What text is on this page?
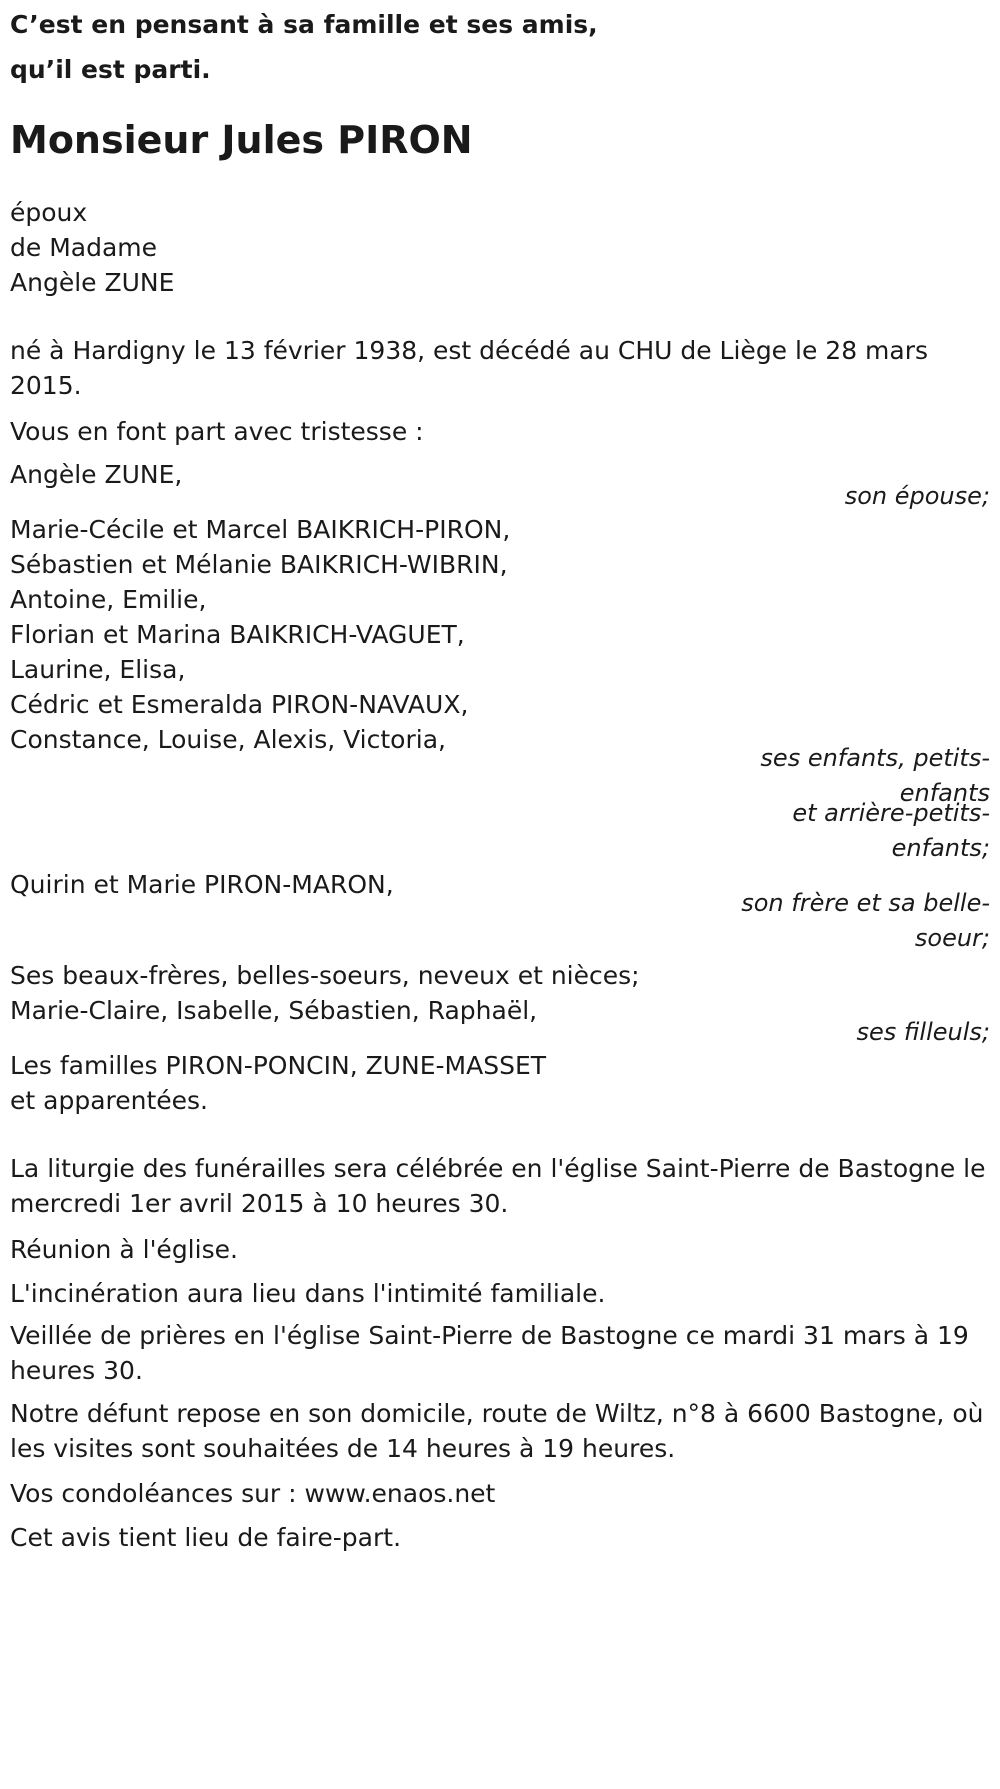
C’est en pensant à sa famille et ses amis,
qu’il est parti.
Monsieur Jules PIRON
époux
de Madame
Angèle ZUNE
né à Hardigny le 13 février 1938, est décédé au CHU de Liège le 28 mars 2015.
Vous en font part avec tristesse :
Angèle ZUNE,
son épouse;
Marie-Cécile et Marcel BAIKRICH-PIRON,
Sébastien et Mélanie BAIKRICH-WIBRIN,
Antoine, Emilie,
Florian et Marina BAIKRICH-VAGUET,
Laurine, Elisa,
Cédric et Esmeralda PIRON-NAVAUX,
Constance, Louise, Alexis, Victoria,
ses enfants, petits-enfants
et arrière-petits-enfants;
Quirin et Marie PIRON-MARON,
son frère et sa belle-soeur;
Ses beaux-frères, belles-soeurs, neveux et nièces;
Marie-Claire, Isabelle, Sébastien, Raphaël,
ses filleuls;
Les familles PIRON-PONCIN, ZUNE-MASSET
et apparentées.
La liturgie des funérailles sera célébrée en l'église Saint-Pierre de Bastogne le mercredi 1er avril 2015 à 10 heures 30.
Réunion à l'église.
L'incinération aura lieu dans l'intimité familiale.
Veillée de prières en l'église Saint-Pierre de Bastogne ce mardi 31 mars à 19 heures 30.
Notre défunt repose en son domicile, route de Wiltz, n°8 à 6600 Bastogne, où les visites sont souhaitées de 14 heures à 19 heures.
Vos condoléances sur : www.enaos.net
Cet avis tient lieu de faire-part.
